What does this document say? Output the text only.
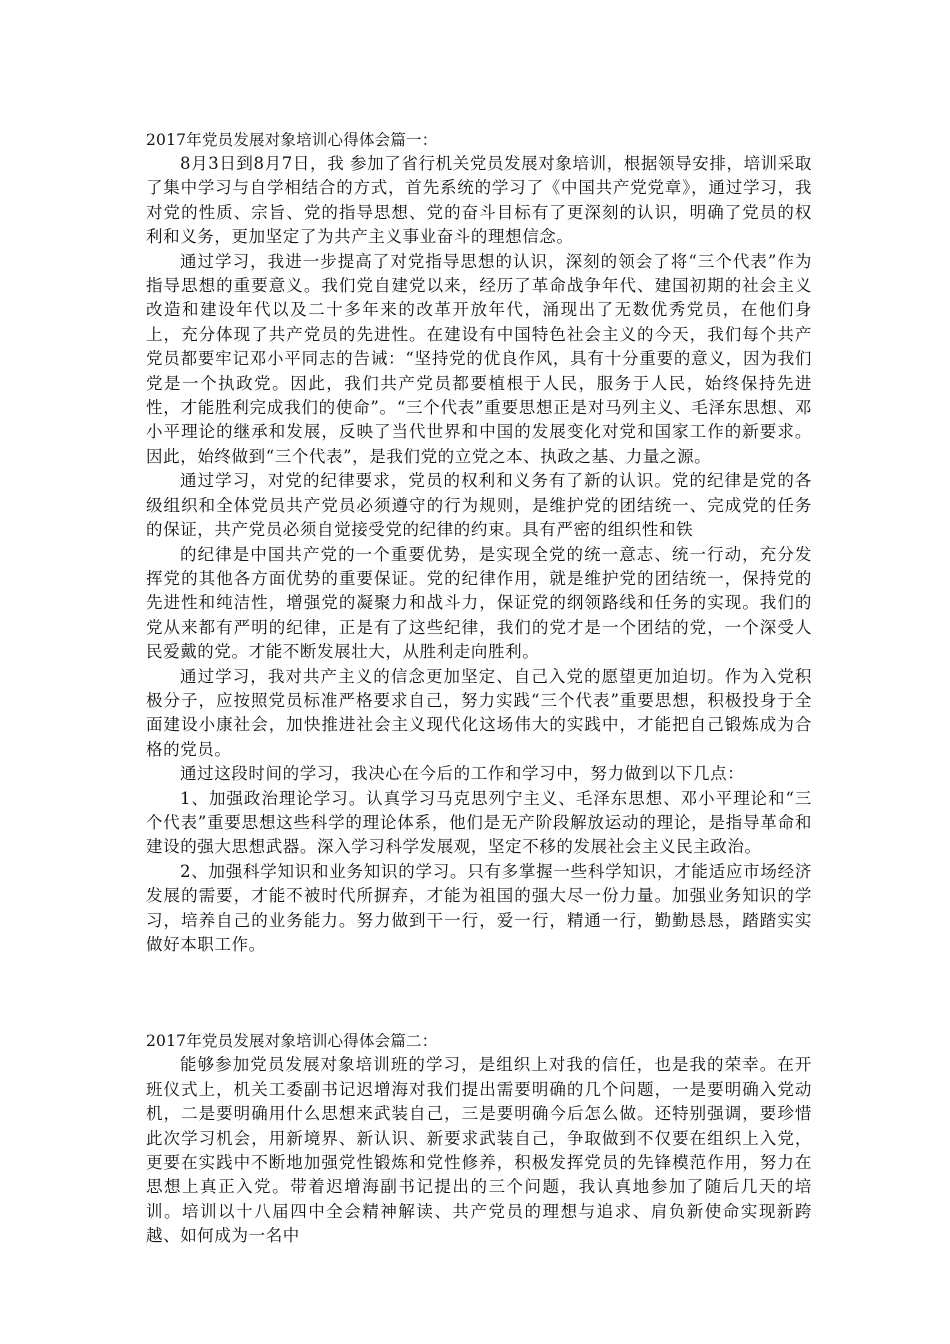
2017年党员发展对象培训心得体会篇一：

8月3日到8月7日，我 参加了省行机关党员发展对象培训，根据领导安排，培训采取了集中学习与自学相结合的方式，首先系统的学习了《中国共产党党章》，通过学习，我对党的性质、宗旨、党的指导思想、党的奋斗目标有了更深刻的认识，明确了党员的权利和义务，更加坚定了为共产主义事业奋斗的理想信念。

通过学习，我进一步提高了对党指导思想的认识，深刻的领会了将“三个代表”作为指导思想的重要意义。我们党自建党以来，经历了革命战争年代、建国初期的社会主义改造和建设年代以及二十多年来的改革开放年代，涌现出了无数优秀党员，在他们身上，充分体现了共产党员的先进性。在建设有中国特色社会主义的今天，我们每个共产党员都要牢记邓小平同志的告诫：“坚持党的优良作风，具有十分重要的意义，因为我们党是一个执政党。因此，我们共产党员都要植根于人民，服务于人民，始终保持先进性，才能胜利完成我们的使命”。“三个代表”重要思想正是对马列主义、毛泽东思想、邓小平理论的继承和发展，反映了当代世界和中国的发展变化对党和国家工作的新要求。因此，始终做到“三个代表”，是我们党的立党之本、执政之基、力量之源。

通过学习，对党的纪律要求，党员的权利和义务有了新的认识。党的纪律是党的各级组织和全体党员共产党员必须遵守的行为规则，是维护党的团结统一、完成党的任务的保证，共产党员必须自觉接受党的纪律的约束。具有严密的组织性和铁

的纪律是中国共产党的一个重要优势，是实现全党的统一意志、统一行动，充分发挥党的其他各方面优势的重要保证。党的纪律作用，就是维护党的团结统一，保持党的先进性和纯洁性，增强党的凝聚力和战斗力，保证党的纲领路线和任务的实现。我们的党从来都有严明的纪律，正是有了这些纪律，我们的党才是一个团结的党，一个深受人民爱戴的党。才能不断发展壮大，从胜利走向胜利。

通过学习，我对共产主义的信念更加坚定、自己入党的愿望更加迫切。作为入党积极分子，应按照党员标准严格要求自己，努力实践“三个代表”重要思想，积极投身于全面建设小康社会，加快推进社会主义现代化这场伟大的实践中，才能把自己锻炼成为合格的党员。

通过这段时间的学习，我决心在今后的工作和学习中，努力做到以下几点：

1、加强政治理论学习。认真学习马克思列宁主义、毛泽东思想、邓小平理论和“三个代表”重要思想这些科学的理论体系，他们是无产阶段解放运动的理论，是指导革命和建设的强大思想武器。深入学习科学发展观，坚定不移的发展社会主义民主政治。

2、加强科学知识和业务知识的学习。只有多掌握一些科学知识，才能适应市场经济发展的需要，才能不被时代所摒弃，才能为祖国的强大尽一份力量。加强业务知识的学习，培养自己的业务能力。努力做到干一行，爱一行，精通一行，勤勤恳恳，踏踏实实做好本职工作。

2017年党员发展对象培训心得体会篇二：

能够参加党员发展对象培训班的学习，是组织上对我的信任，也是我的荣幸。在开班仪式上，机关工委副书记迟增海对我们提出需要明确的几个问题，一是要明确入党动机，二是要明确用什么思想来武装自己，三是要明确今后怎么做。还特别强调，要珍惜此次学习机会，用新境界、新认识、新要求武装自己，争取做到不仅要在组织上入党，更要在实践中不断地加强党性锻炼和党性修养，积极发挥党员的先锋模范作用，努力在思想上真正入党。带着迟增海副书记提出的三个问题，我认真地参加了随后几天的培训。培训以十八届四中全会精神解读、共产党员的理想与追求、肩负新使命实现新跨越、如何成为一名中
